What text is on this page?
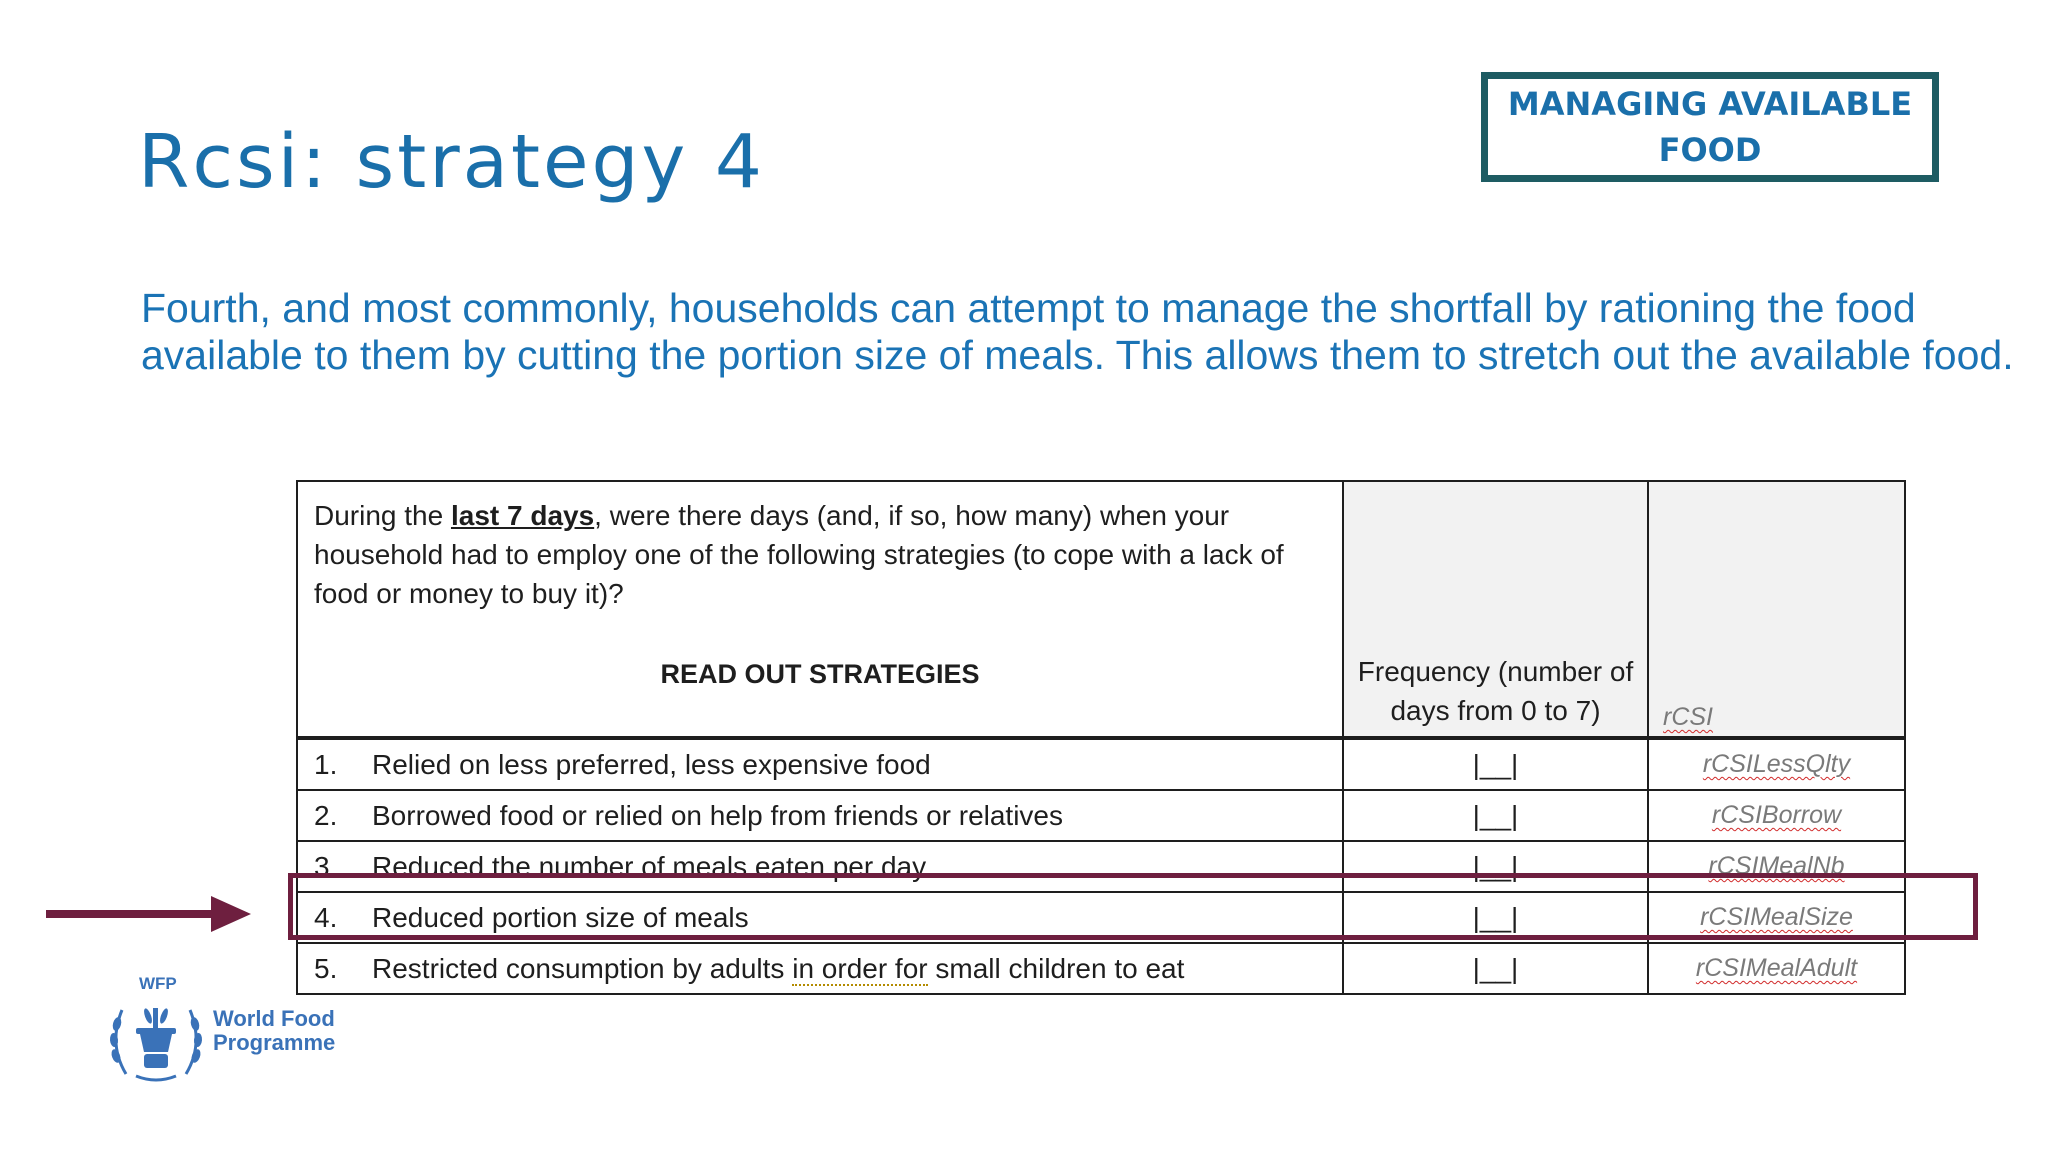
Rcsi: strategy 4
MANAGING AVAILABLE FOOD
Fourth, and most commonly, households can attempt to manage the shortfall by rationing the food available to them by cutting the portion size of meals. This allows them to stretch out the available food.
During the last 7 days, were there days (and, if so, how many) when your household had to employ one of the following strategies (to cope with a lack of food or money to buy it)?
READ OUT STRATEGIES	Frequency (number of days from 0 to 7)	rCSI
1. Relied on less preferred, less expensive food	|__|	rCSILessQlty
2. Borrowed food or relied on help from friends or relatives	|__|	rCSIBorrow
3. Reduced the number of meals eaten per day	|__|	rCSIMealNb
4. Reduced portion size of meals	|__|	rCSIMealSize
5. Restricted consumption by adults in order for small children to eat	|__|	rCSIMealAdult
WFP
World Food
Programme
